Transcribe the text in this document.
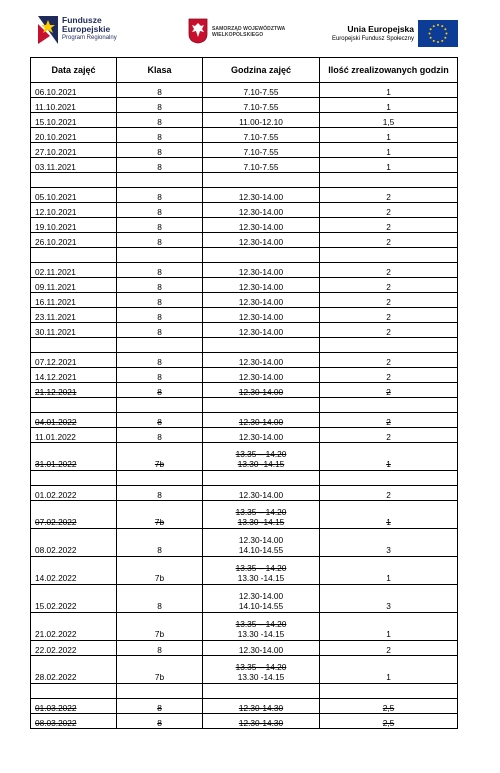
Fundusze
Europejskie
Program Regionalny
SAMORZĄD WOJEWÓDZTWA
WIELKOPOLSKIEGO
Unia Europejska
Europejski Fundusz Społeczny
Data zajęć	Klasa	Godzina zajęć	Ilość zrealizowanych godzin
06.10.2021	8	7.10-7.55	1
11.10.2021	8	7.10-7.55	1
15.10.2021	8	11.00-12.10	1,5
20.10.2021	8	7.10-7.55	1
27.10.2021	8	7.10-7.55	1
03.11.2021	8	7.10-7.55	1

05.10.2021	8	12.30-14.00	2
12.10.2021	8	12.30-14.00	2
19.10.2021	8	12.30-14.00	2
26.10.2021	8	12.30-14.00	2

02.11.2021	8	12.30-14.00	2
09.11.2021	8	12.30-14.00	2
16.11.2021	8	12.30-14.00	2
23.11.2021	8	12.30-14.00	2
30.11.2021	8	12.30-14.00	2

07.12.2021	8	12.30-14.00	2
14.12.2021	8	12.30-14.00	2
21.12.2021	8	12.30-14.00	2

04.01.2022	8	12.30-14.00	2
11.01.2022	8	12.30-14.00	2
31.01.2022	7b	13.35 – 14.20
13.30 -14.15	1

01.02.2022	8	12.30-14.00	2
07.02.2022	7b	13.35 – 14.20
13.30 -14.15	1
08.02.2022	8	12.30-14.00
14.10-14.55	3
14.02.2022	7b	13.35 – 14.20
13.30 -14.15	1
15.02.2022	8	12.30-14.00
14.10-14.55	3
21.02.2022	7b	13.35 – 14.20
13.30 -14.15	1
22.02.2022	8	12.30-14.00	2
28.02.2022	7b	13.35 – 14.20
13.30 -14.15	1

01.03.2022	8	12.30-14.30	2,5
08.03.2022	8	12.30-14.30	2,5
